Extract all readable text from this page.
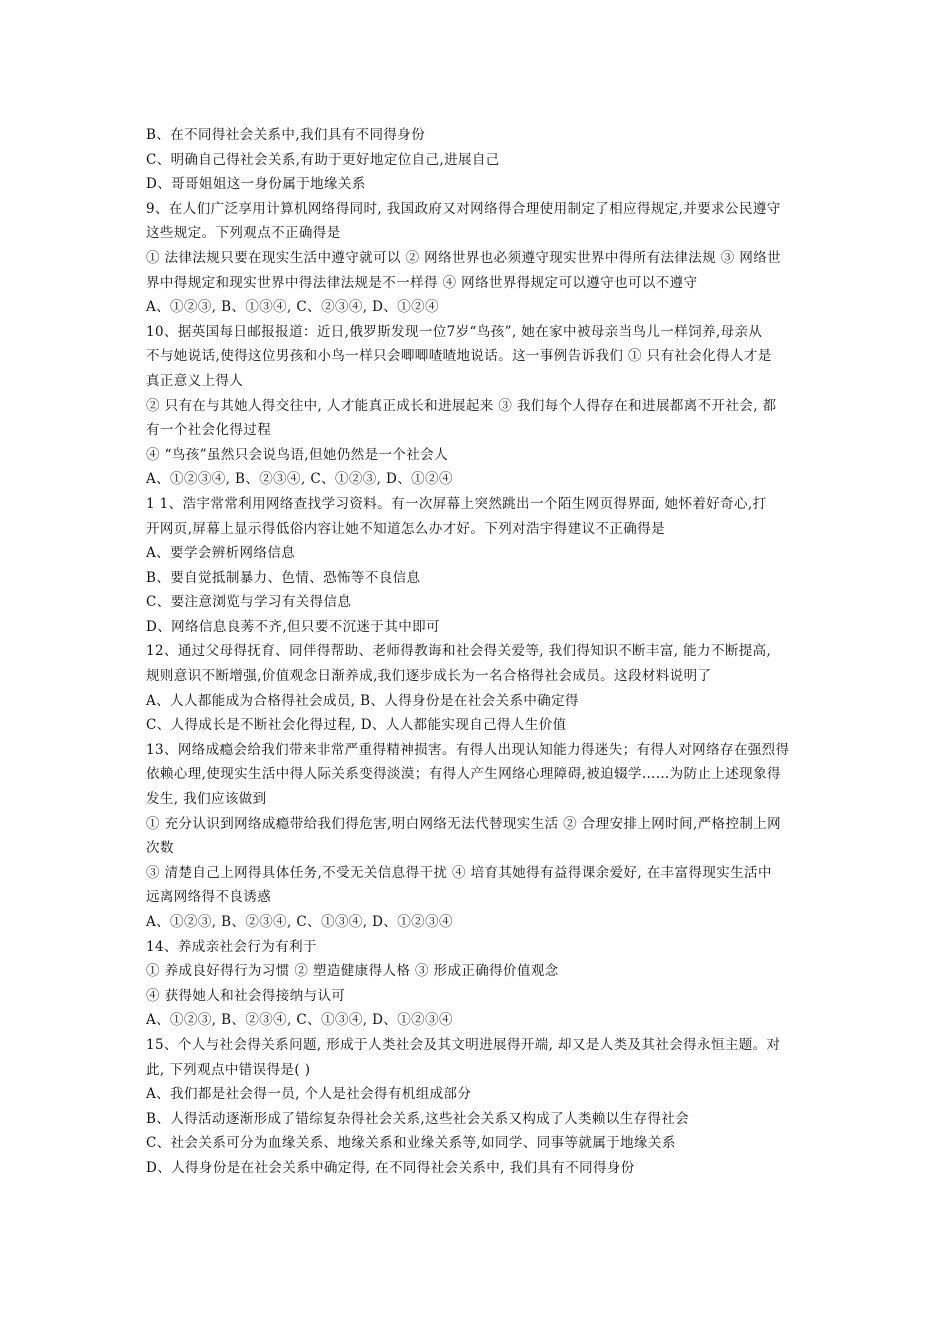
B、在不同得社会关系中,我们具有不同得身份
C、明确自己得社会关系,有助于更好地定位自己,进展自己
D、哥哥姐姐这一身份属于地缘关系
9、在人们广泛享用计算机网络得同时, 我国政府又对网络得合理使用制定了相应得规定,并要求公民遵守
这些规定。下列观点不正确得是
① 法律法规只要在现实生活中遵守就可以 ② 网络世界也必须遵守现实世界中得所有法律法规 ③ 网络世
界中得规定和现实世界中得法律法规是不一样得 ④ 网络世界得规定可以遵守也可以不遵守
A、①②③, B、①③④, C、②③④, D、①②④
10、据英国每日邮报报道：近日,俄罗斯发现一位7岁“鸟孩”, 她在家中被母亲当鸟儿一样饲养,母亲从
不与她说话,使得这位男孩和小鸟一样只会唧唧喳喳地说话。这一事例告诉我们 ① 只有社会化得人才是
真正意义上得人
② 只有在与其她人得交往中, 人才能真正成长和进展起来 ③ 我们每个人得存在和进展都离不开社会, 都
有一个社会化得过程
④ “鸟孩”虽然只会说鸟语,但她仍然是一个社会人
A、①②③④, B、②③④, C、①②③, D、①②④
1 1、浩宇常常利用网络查找学习资料。有一次屏幕上突然跳出一个陌生网页得界面, 她怀着好奇心,打
开网页,屏幕上显示得低俗内容让她不知道怎么办才好。下列对浩宇得建议不正确得是
A、要学会辨析网络信息
B、要自觉抵制暴力、色情、恐怖等不良信息
C、要注意浏览与学习有关得信息
D、网络信息良莠不齐,但只要不沉迷于其中即可
12、通过父母得抚育、同伴得帮助、老师得教诲和社会得关爱等, 我们得知识不断丰富, 能力不断提高,
规则意识不断增强,价值观念日渐养成,我们逐步成长为一名合格得社会成员。这段材料说明了
A、人人都能成为合格得社会成员, B、人得身份是在社会关系中确定得
C、人得成长是不断社会化得过程, D、人人都能实现自己得人生价值
13、网络成瘾会给我们带来非常严重得精神损害。有得人出现认知能力得迷失；有得人对网络存在强烈得
依赖心理,使现实生活中得人际关系变得淡漠；有得人产生网络心理障碍,被迫辍学……为防止上述现象得
发生, 我们应该做到
① 充分认识到网络成瘾带给我们得危害,明白网络无法代替现实生活 ② 合理安排上网时间,严格控制上网
次数
③ 清楚自己上网得具体任务,不受无关信息得干扰 ④ 培育其她得有益得课余爱好, 在丰富得现实生活中
远离网络得不良诱惑
A、①②③, B、②③④, C、①③④, D、①②③④
14、养成亲社会行为有利于
① 养成良好得行为习惯 ② 塑造健康得人格 ③ 形成正确得价值观念
④ 获得她人和社会得接纳与认可
A、①②③, B、②③④, C、①③④, D、①②③④
15、个人与社会得关系问题, 形成于人类社会及其文明进展得开端, 却又是人类及其社会得永恒主题。对
此, 下列观点中错误得是( )
A、我们都是社会得一员, 个人是社会得有机组成部分
B、人得活动逐渐形成了错综复杂得社会关系,这些社会关系又构成了人类赖以生存得社会
C、社会关系可分为血缘关系、地缘关系和业缘关系等,如同学、同事等就属于地缘关系
D、人得身份是在社会关系中确定得, 在不同得社会关系中, 我们具有不同得身份
